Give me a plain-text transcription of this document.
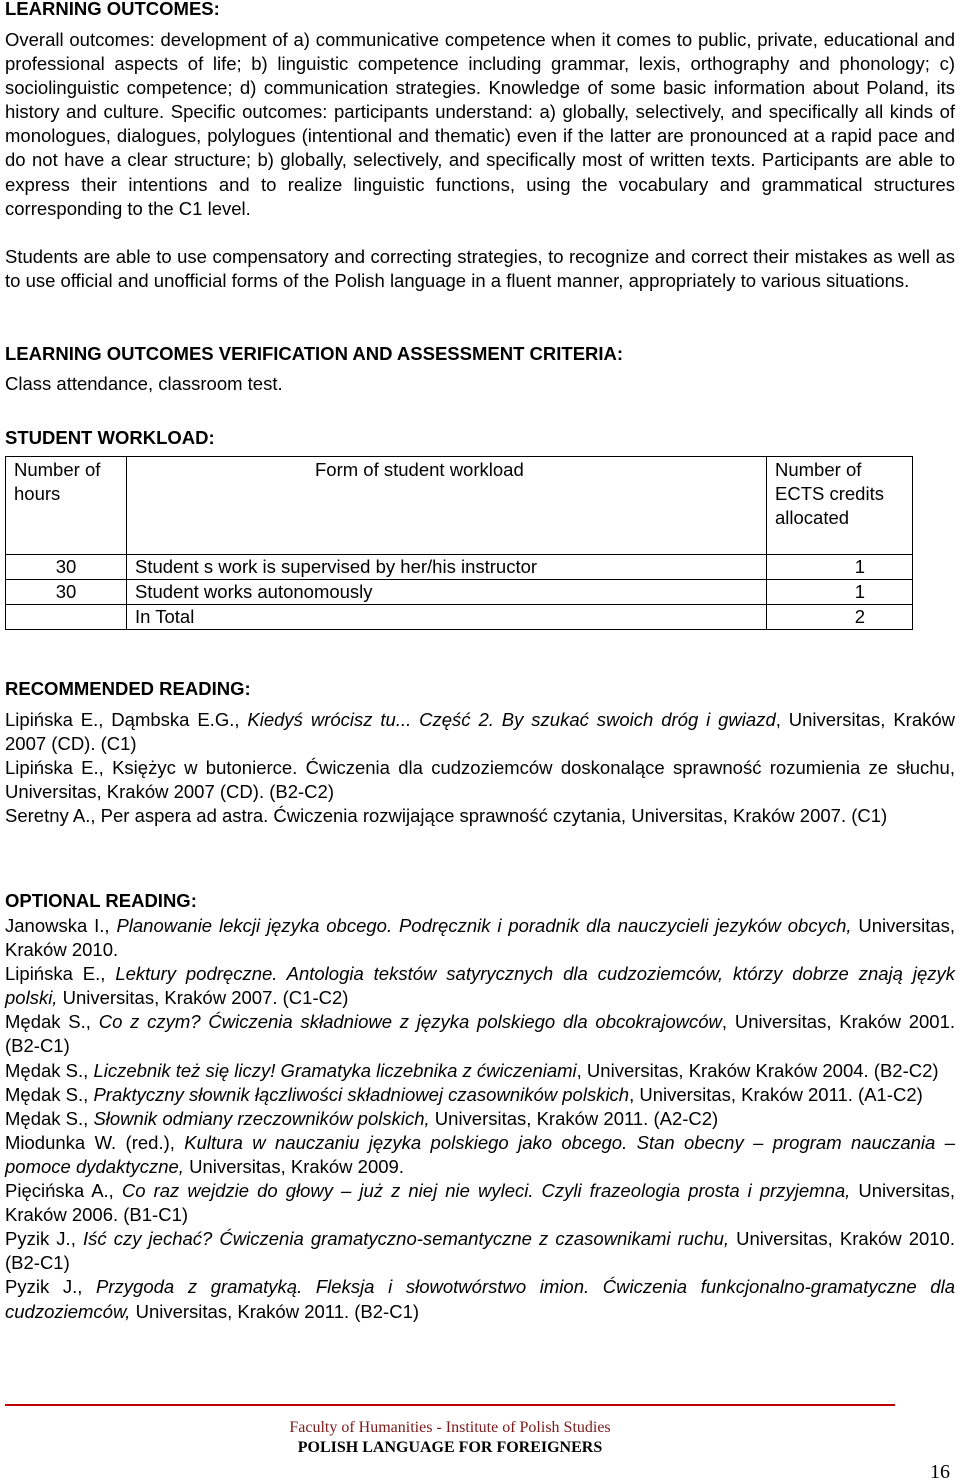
LEARNING OUTCOMES:

Overall outcomes: development of a) communicative competence when it comes to public, private, educational and professional aspects of life; b) linguistic competence including grammar, lexis, orthography and phonology; c) sociolinguistic competence; d) communication strategies. Knowledge of some basic information about Poland, its history and culture. Specific outcomes: participants understand: a) globally, selectively, and specifically all kinds of monologues, dialogues, polylogues (intentional and thematic) even if the latter are pronounced at a rapid pace and do not have a clear structure; b) globally, selectively, and specifically most of written texts. Participants are able to express their intentions and to realize linguistic functions, using the vocabulary and grammatical structures corresponding to the C1 level.

Students are able to use compensatory and correcting strategies, to recognize and correct their mistakes as well as to use official and unofficial forms of the Polish language in a fluent manner, appropriately to various situations.

LEARNING OUTCOMES VERIFICATION AND ASSESSMENT CRITERIA:

Class attendance, classroom test.

STUDENT WORKLOAD:
Number of hours	Form of student workload	Number of ECTS credits allocated
30	Student s work is supervised by her/his instructor	1
30	Student works autonomously	1
	In Total	2
RECOMMENDED READING:
Lipińska E., Dąmbska E.G., Kiedyś wrócisz tu... Część 2. By szukać swoich dróg i gwiazd, Universitas, Kraków 2007 (CD). (C1)
Lipińska E., Księżyc w butonierce. Ćwiczenia dla cudzoziemców doskonalące sprawność rozumienia ze słuchu, Universitas, Kraków 2007 (CD). (B2-C2)
Seretny A., Per aspera ad astra. Ćwiczenia rozwijające sprawność czytania, Universitas, Kraków 2007. (C1)
OPTIONAL READING:
Janowska I., Planowanie lekcji języka obcego. Podręcznik i poradnik dla nauczycieli jezyków obcych, Universitas, Kraków 2010.
Lipińska E., Lektury podręczne. Antologia tekstów satyrycznych dla cudzoziemców, którzy dobrze znają język polski, Universitas, Kraków 2007. (C1-C2)
Mędak S., Co z czym? Ćwiczenia składniowe z języka polskiego dla obcokrajowców, Universitas, Kraków 2001. (B2-C1)
Mędak S., Liczebnik też się liczy! Gramatyka liczebnika z ćwiczeniami, Universitas, Kraków Kraków 2004. (B2-C2)
Mędak S., Praktyczny słownik łączliwości składniowej czasowników polskich, Universitas, Kraków 2011. (A1-C2)
Mędak S., Słownik odmiany rzeczowników polskich, Universitas, Kraków 2011. (A2-C2)
Miodunka W. (red.), Kultura w nauczaniu języka polskiego jako obcego. Stan obecny – program nauczania – pomoce dydaktyczne, Universitas, Kraków 2009.
Pięcińska A., Co raz wejdzie do głowy – już z niej nie wyleci. Czyli frazeologia prosta i przyjemna, Universitas, Kraków 2006. (B1-C1)
Pyzik J., Iść czy jechać? Ćwiczenia gramatyczno-semantyczne z czasownikami ruchu, Universitas, Kraków 2010. (B2-C1)
Pyzik J., Przygoda z gramatyką. Fleksja i słowotwórstwo imion. Ćwiczenia funkcjonalno-gramatyczne dla cudzoziemców, Universitas, Kraków 2011. (B2-C1)
Faculty of Humanities - Institute of Polish Studies
POLISH LANGUAGE FOR FOREIGNERS
16
